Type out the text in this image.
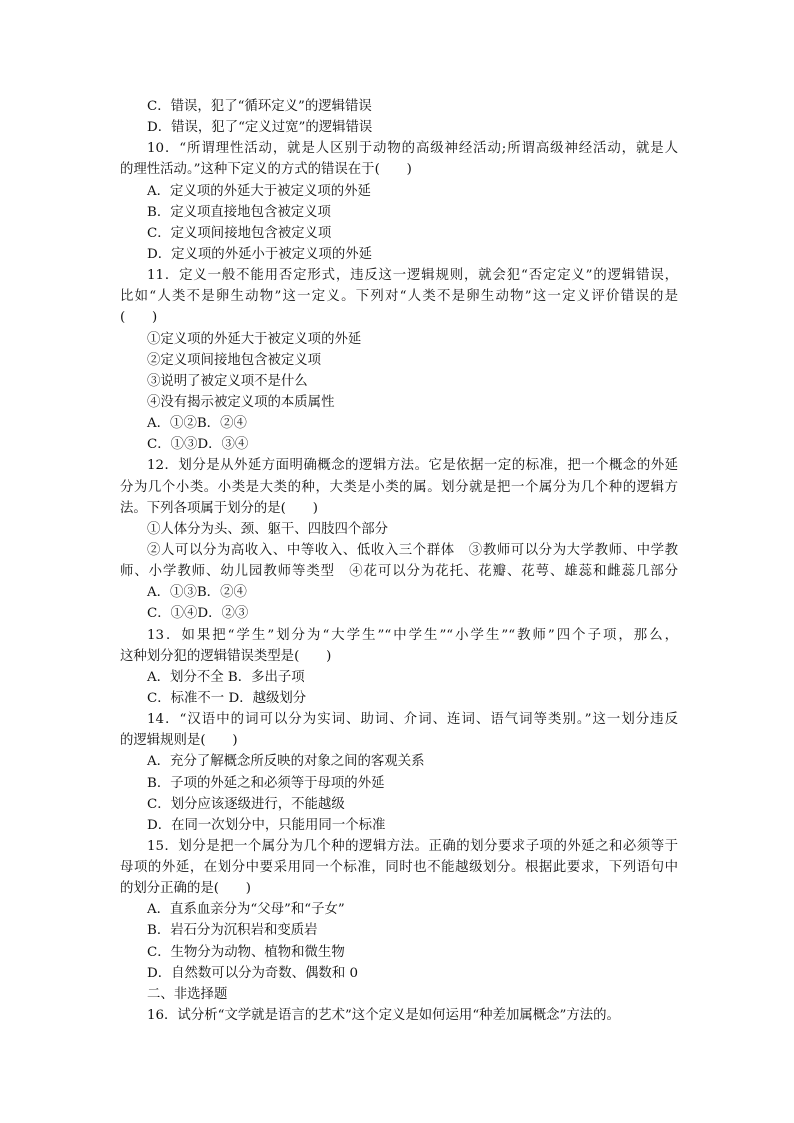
C．错误，犯了“循环定义”的逻辑错误
D．错误，犯了“定义过宽”的逻辑错误
10．“所谓理性活动，就是人区别于动物的高级神经活动;所谓高级神经活动，就是人
的理性活动。”这种下定义的方式的错误在于(　　)
A．定义项的外延大于被定义项的外延
B．定义项直接地包含被定义项
C．定义项间接地包含被定义项
D．定义项的外延小于被定义项的外延
11．定义一般不能用否定形式，违反这一逻辑规则，就会犯“否定定义”的逻辑错误，
比如“人类不是卵生动物”这一定义。下列对“人类不是卵生动物”这一定义评价错误的是
(　　)
①定义项的外延大于被定义项的外延
②定义项间接地包含被定义项
③说明了被定义项不是什么
④没有揭示被定义项的本质属性
A．①②B．②④
C．①③D．③④
12．划分是从外延方面明确概念的逻辑方法。它是依据一定的标准，把一个概念的外延
分为几个小类。小类是大类的种，大类是小类的属。划分就是把一个属分为几个种的逻辑方
法。下列各项属于划分的是(　　)
①人体分为头、颈、躯干、四肢四个部分
②人可以分为高收入、中等收入、低收入三个群体　③教师可以分为大学教师、中学教
师、小学教师、幼儿园教师等类型　④花可以分为花托、花瓣、花萼、雄蕊和雌蕊几部分
A．①③B．②④
C．①④D．②③
13．如果把“学生”划分为“大学生”“中学生”“小学生”“教师”四个子项，那么，
这种划分犯的逻辑错误类型是(　　)
A．划分不全 B．多出子项
C．标准不一 D．越级划分
14．“汉语中的词可以分为实词、助词、介词、连词、语气词等类别。”这一划分违反
的逻辑规则是(　　)
A．充分了解概念所反映的对象之间的客观关系
B．子项的外延之和必须等于母项的外延
C．划分应该逐级进行，不能越级
D．在同一次划分中，只能用同一个标准
15．划分是把一个属分为几个种的逻辑方法。正确的划分要求子项的外延之和必须等于
母项的外延，在划分中要采用同一个标准，同时也不能越级划分。根据此要求，下列语句中
的划分正确的是(　　)
A．直系血亲分为“父母”和“子女”
B．岩石分为沉积岩和变质岩
C．生物分为动物、植物和微生物
D．自然数可以分为奇数、偶数和 0
二、非选择题
16．试分析“文学就是语言的艺术”这个定义是如何运用“种差加属概念”方法的。
